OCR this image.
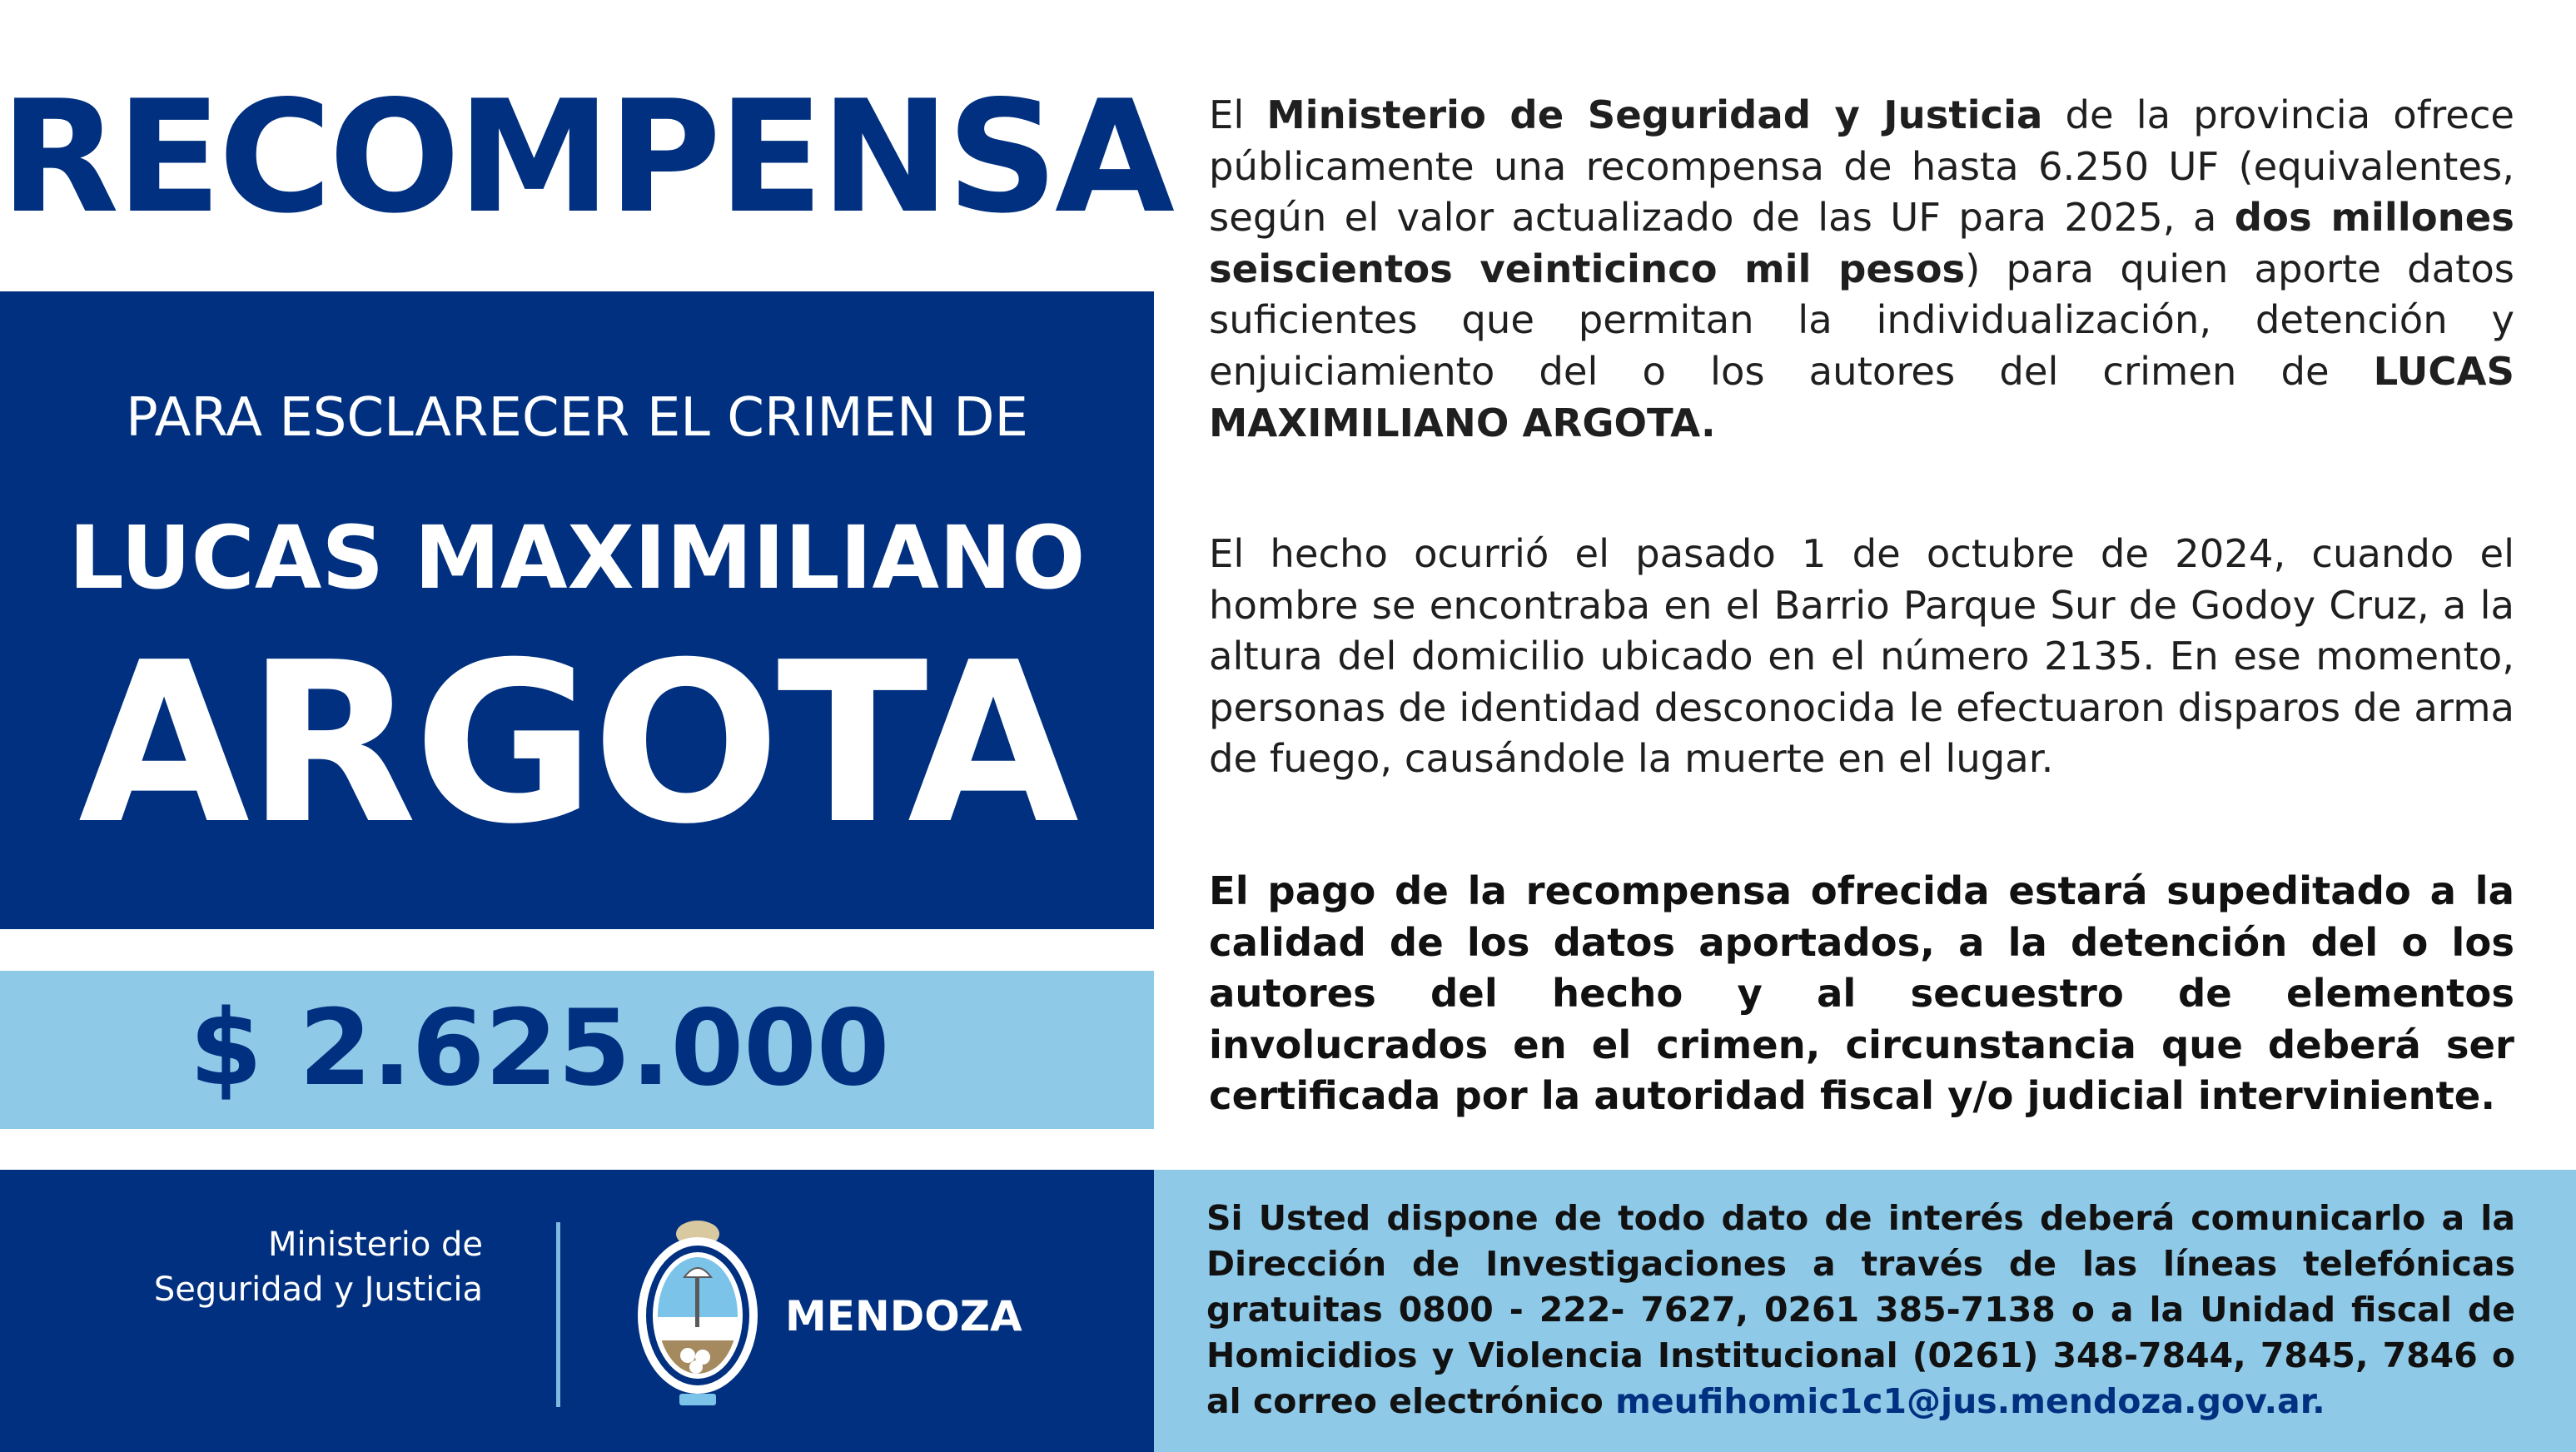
RECOMPENSA
PARA ESCLARECER EL CRIMEN DE
LUCAS MAXIMILIANO
ARGOTA
$ 2.625.000
El Ministerio de Seguridad y Justicia de la provincia ofrece públicamente una recompensa de hasta 6.250 UF (equivalentes, según el valor actualizado de las UF para 2025, a dos millones seiscientos veinticinco mil pesos) para quien aporte datos suficientes que permitan la individualización, detención y enjuiciamiento del o los autores del crimen de LUCAS MAXIMILIANO ARGOTA.
El hecho ocurrió el pasado 1 de octubre de 2024, cuando el hombre se encontraba en el Barrio Parque Sur de Godoy Cruz, a la altura del domicilio ubicado en el número 2135. En ese momento, personas de identidad desconocida le efectuaron disparos de arma de fuego, causándole la muerte en el lugar.
El pago de la recompensa ofrecida estará supeditado a la calidad de los datos aportados, a la detención del o los autores del hecho y al secuestro de elementos involucrados en el crimen, circunstancia que deberá ser certificada por la autoridad fiscal y/o judicial interviniente.
Ministerio de
Seguridad y Justicia
MENDOZA
Si Usted dispone de todo dato de interés deberá comunicarlo a la Dirección de Investigaciones a través de las líneas telefónicas gratuitas 0800 - 222- 7627, 0261 385-7138 o a la Unidad fiscal de Homicidios y Violencia Institucional (0261) 348-7844, 7845, 7846 o al correo electrónico meufihomic1c1@jus.mendoza.gov.ar.
